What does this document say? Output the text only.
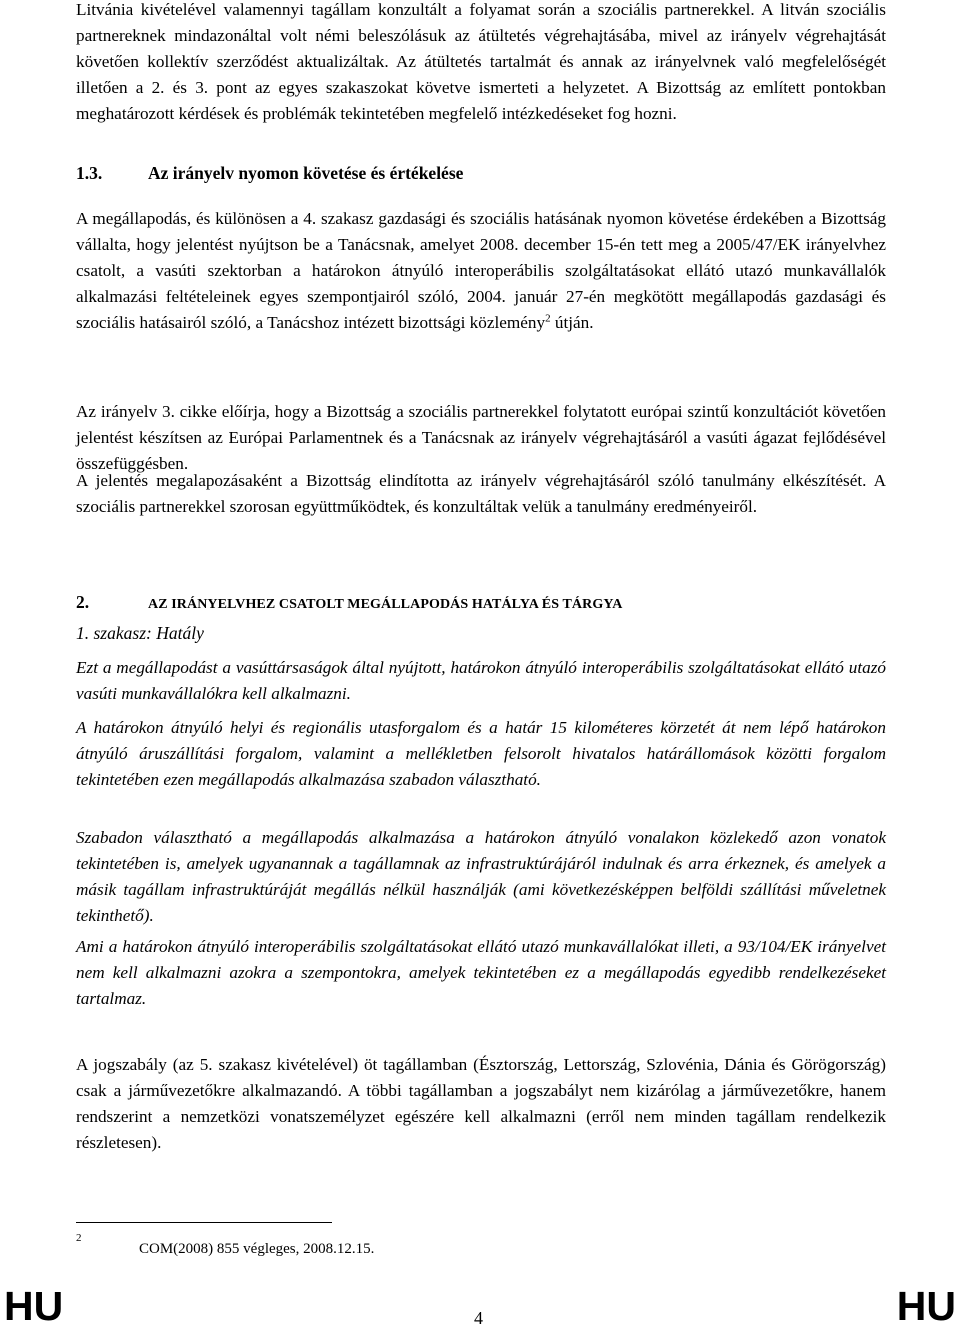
Litvánia kivételével valamennyi tagállam konzultált a folyamat során a szociális partnerekkel. A litván szociális partnereknek mindazonáltal volt némi beleszólásuk az átültetés végrehajtásába, mivel az irányelv végrehajtását követően kollektív szerződést aktualizáltak. Az átültetés tartalmát és annak az irányelvnek való megfelelőségét illetően a 2. és 3. pont az egyes szakaszokat követve ismerteti a helyzetet. A Bizottság az említett pontokban meghatározott kérdések és problémák tekintetében megfelelő intézkedéseket fog hozni.

1.3.	Az irányelv nyomon követése és értékelése

A megállapodás, és különösen a 4. szakasz gazdasági és szociális hatásának nyomon követése érdekében a Bizottság vállalta, hogy jelentést nyújtson be a Tanácsnak, amelyet 2008. december 15-én tett meg a 2005/47/EK irányelvhez csatolt, a vasúti szektorban a határokon átnyúló interoperábilis szolgáltatásokat ellátó utazó munkavállalók alkalmazási feltételeinek egyes szempontjairól szóló, 2004. január 27-én megkötött megállapodás gazdasági és szociális hatásairól szóló, a Tanácshoz intézett bizottsági közlemény$^2$ útján.

Az irányelv 3. cikke előírja, hogy a Bizottság a szociális partnerekkel folytatott európai szintű konzultációt követően jelentést készítsen az Európai Parlamentnek és a Tanácsnak az irányelv végrehajtásáról a vasúti ágazat fejlődésével összefüggésben.

A jelentés megalapozásaként a Bizottság elindította az irányelv végrehajtásáról szóló tanulmány elkészítését. A szociális partnerekkel szorosan együttműködtek, és konzultáltak velük a tanulmány eredményeiről.

2.	AZ IRÁNYELVHEZ CSATOLT MEGÁLLAPODÁS HATÁLYA ÉS TÁRGYA
1. szakasz: Hatály

Ezt a megállapodást a vasúttársaságok által nyújtott, határokon átnyúló interoperábilis szolgáltatásokat ellátó utazó vasúti munkavállalókra kell alkalmazni.

A határokon átnyúló helyi és regionális utasforgalom és a határ 15 kilométeres körzetét át nem lépő határokon átnyúló áruszállítási forgalom, valamint a mellékletben felsorolt hivatalos határállomások közötti forgalom tekintetében ezen megállapodás alkalmazása szabadon választható.

Szabadon választható a megállapodás alkalmazása a határokon átnyúló vonalakon közlekedő azon vonatok tekintetében is, amelyek ugyanannak a tagállamnak az infrastruktúrájáról indulnak és arra érkeznek, és amelyek a másik tagállam infrastruktúráját megállás nélkül használják (ami következésképpen belföldi szállítási műveletnek tekinthető).

Ami a határokon átnyúló interoperábilis szolgáltatásokat ellátó utazó munkavállalókat illeti, a 93/104/EK irányelvet nem kell alkalmazni azokra a szempontokra, amelyek tekintetében ez a megállapodás egyedibb rendelkezéseket tartalmaz.

A jogszabály (az 5. szakasz kivételével) öt tagállamban (Észtország, Lettország, Szlovénia, Dánia és Görögország) csak a járművezetőkre alkalmazandó. A többi tagállamban a jogszabályt nem kizárólag a járművezetőkre, hanem rendszerint a nemzetközi vonatszemélyzet egészére kell alkalmazni (erről nem minden tagállam rendelkezik részletesen).

$^2$
COM(2008) 855 végleges, 2008.12.15.
HU	4	HU
